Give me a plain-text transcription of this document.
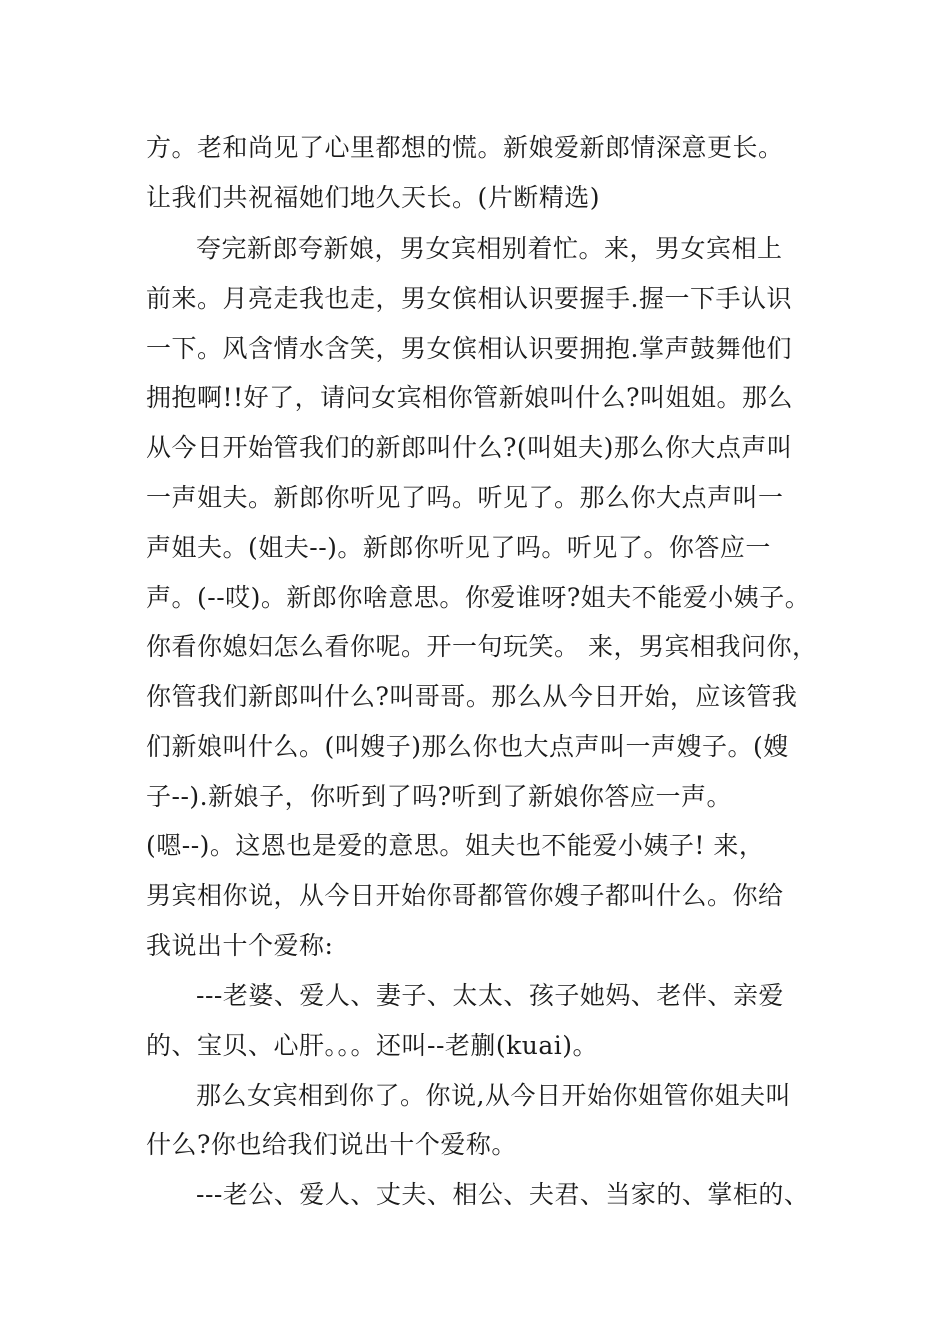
方。老和尚见了心里都想的慌。新娘爱新郎情深意更长。
让我们共祝福她们地久天长。(片断精选)
夸完新郎夸新娘，男女宾相别着忙。来，男女宾相上
前来。月亮走我也走，男女傧相认识要握手.握一下手认识
一下。风含情水含笑，男女傧相认识要拥抱.掌声鼓舞他们
拥抱啊!!好了，请问女宾相你管新娘叫什么?叫姐姐。那么
从今日开始管我们的新郎叫什么?(叫姐夫)那么你大点声叫
一声姐夫。新郎你听见了吗。听见了。那么你大点声叫一
声姐夫。(姐夫--)。新郎你听见了吗。听见了。你答应一
声。(--哎)。新郎你啥意思。你爱谁呀?姐夫不能爱小姨子。
你看你媳妇怎么看你呢。开一句玩笑。 来，男宾相我问你，
你管我们新郎叫什么?叫哥哥。那么从今日开始，应该管我
们新娘叫什么。(叫嫂子)那么你也大点声叫一声嫂子。(嫂
子--).新娘子，你听到了吗?听到了新娘你答应一声。
(嗯--)。这恩也是爱的意思。姐夫也不能爱小姨子! 来，
男宾相你说，从今日开始你哥都管你嫂子都叫什么。你给
我说出十个爱称:
---老婆、爱人、妻子、太太、孩子她妈、老伴、亲爱
的、宝贝、心肝。。。还叫--老蒯(kuai)。
那么女宾相到你了。你说,从今日开始你姐管你姐夫叫
什么?你也给我们说出十个爱称。
---老公、爱人、丈夫、相公、夫君、当家的、掌柜的、
